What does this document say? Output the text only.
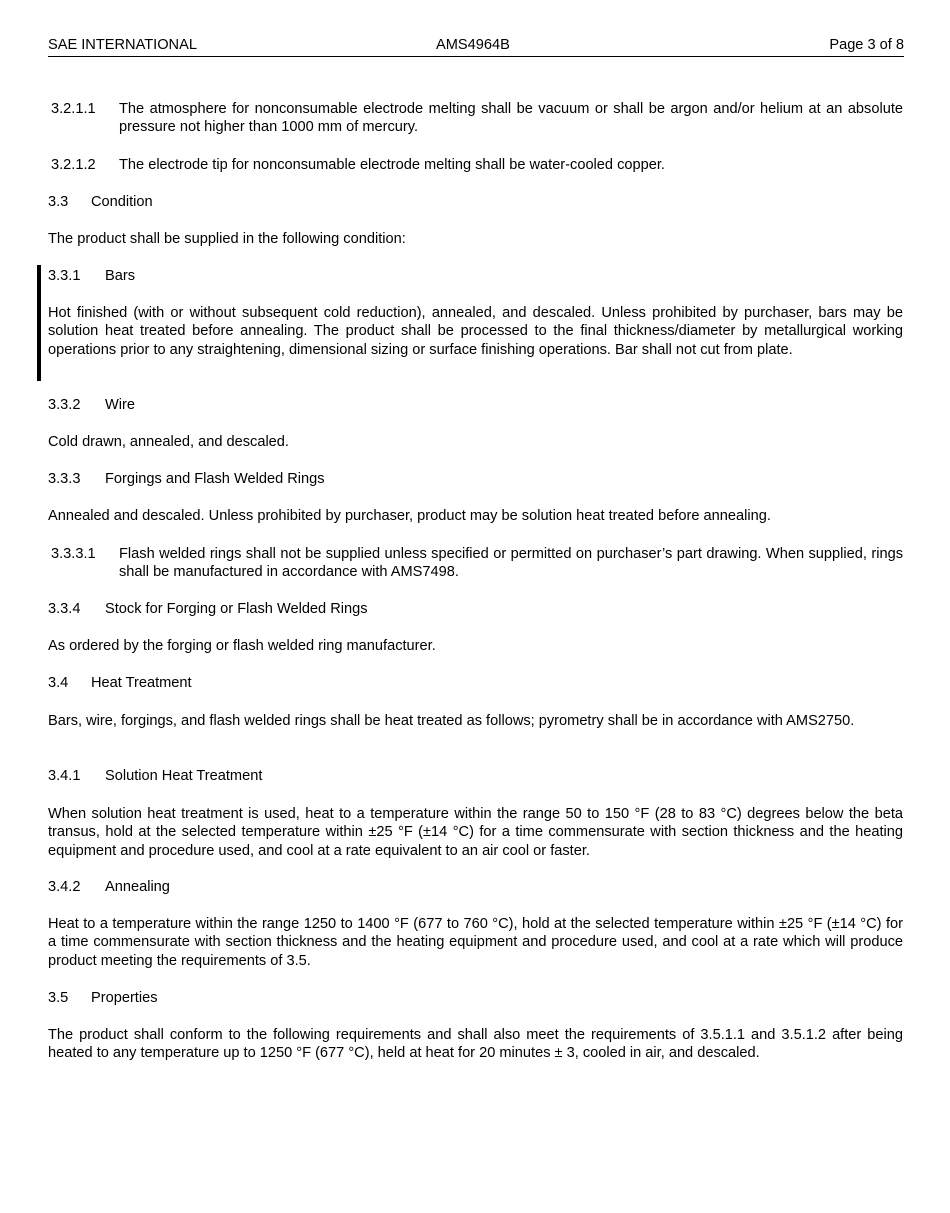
SAE INTERNATIONAL	AMS4964B	Page 3 of 8
3.2.1.1 The atmosphere for nonconsumable electrode melting shall be vacuum or shall be argon and/or helium at an absolute pressure not higher than 1000 mm of mercury.
3.2.1.2 The electrode tip for nonconsumable electrode melting shall be water-cooled copper.
3.3 Condition
The product shall be supplied in the following condition:
3.3.1 Bars
Hot finished (with or without subsequent cold reduction), annealed, and descaled. Unless prohibited by purchaser, bars may be solution heat treated before annealing. The product shall be processed to the final thickness/diameter by metallurgical working operations prior to any straightening, dimensional sizing or surface finishing operations. Bar shall not cut from plate.
3.3.2 Wire
Cold drawn, annealed, and descaled.
3.3.3 Forgings and Flash Welded Rings
Annealed and descaled. Unless prohibited by purchaser, product may be solution heat treated before annealing.
3.3.3.1 Flash welded rings shall not be supplied unless specified or permitted on purchaser’s part drawing. When supplied, rings shall be manufactured in accordance with AMS7498.
3.3.4 Stock for Forging or Flash Welded Rings
As ordered by the forging or flash welded ring manufacturer.
3.4 Heat Treatment
Bars, wire, forgings, and flash welded rings shall be heat treated as follows; pyrometry shall be in accordance with AMS2750.
3.4.1 Solution Heat Treatment
When solution heat treatment is used, heat to a temperature within the range 50 to 150 °F (28 to 83 °C) degrees below the beta transus, hold at the selected temperature within ±25 °F (±14 °C) for a time commensurate with section thickness and the heating equipment and procedure used, and cool at a rate equivalent to an air cool or faster.
3.4.2 Annealing
Heat to a temperature within the range 1250 to 1400 °F (677 to 760 °C), hold at the selected temperature within ±25 °F (±14 °C) for a time commensurate with section thickness and the heating equipment and procedure used, and cool at a rate which will produce product meeting the requirements of 3.5.
3.5 Properties
The product shall conform to the following requirements and shall also meet the requirements of 3.5.1.1 and 3.5.1.2 after being heated to any temperature up to 1250 °F (677 °C), held at heat for 20 minutes ± 3, cooled in air, and descaled.
